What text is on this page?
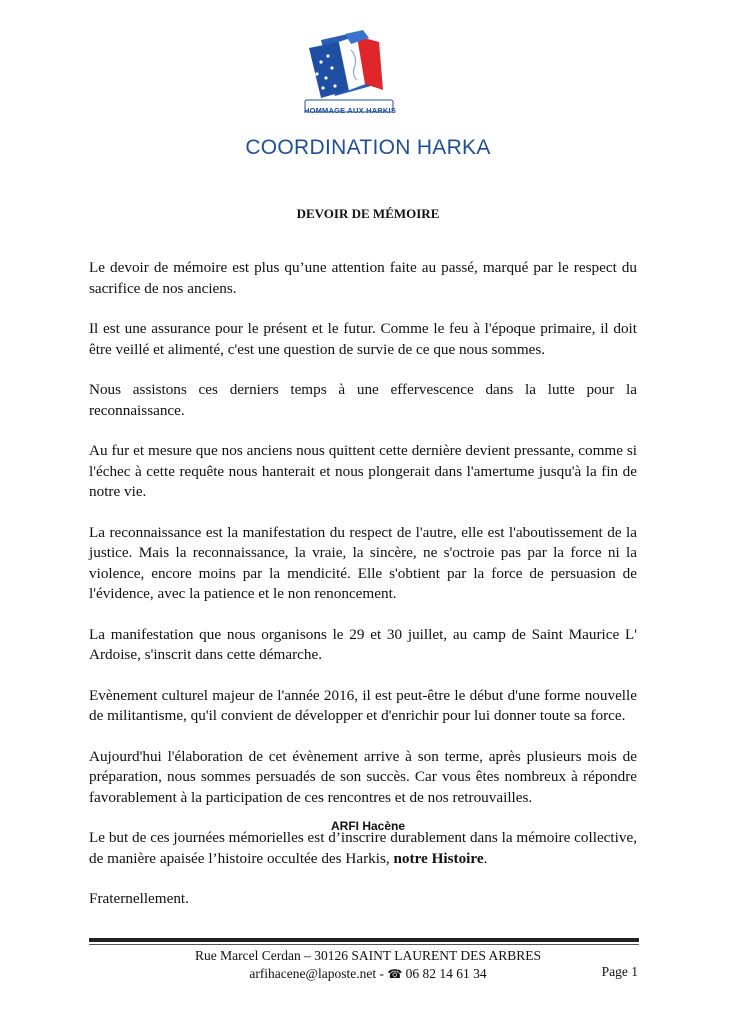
HOMMAGE AUX HARKIS
COORDINATION HARKA
DEVOIR DE MÉMOIRE

Le devoir de mémoire est plus qu’une attention faite au passé, marqué par le respect du sacrifice de nos anciens.

Il est une assurance pour le présent et le futur. Comme le feu à l'époque primaire, il doit être veillé et alimenté, c'est une question de survie de ce que nous sommes.

Nous assistons ces derniers temps à une effervescence dans la lutte pour la reconnaissance.

Au fur et mesure que nos anciens nous quittent cette dernière devient pressante, comme si l'échec à cette requête nous hanterait et nous plongerait dans l'amertume jusqu'à la fin de notre vie.

La reconnaissance est la manifestation du respect de l'autre, elle est l'aboutissement de la justice. Mais la reconnaissance, la vraie, la sincère, ne s'octroie pas par la force ni la violence, encore moins par la mendicité. Elle s'obtient par la force de persuasion de l'évidence, avec la patience et le non renoncement.

La manifestation que nous organisons le 29 et 30 juillet, au camp de Saint Maurice L' Ardoise, s'inscrit dans cette démarche.

Evènement culturel majeur de l'année 2016, il est peut-être le début d'une forme nouvelle de militantisme, qu'il convient de développer et d'enrichir pour lui donner toute sa force.

Aujourd'hui l'élaboration de cet évènement arrive à son terme, après plusieurs mois de préparation, nous sommes persuadés de son succès. Car vous êtes nombreux à répondre favorablement à la participation de ces rencontres et de nos retrouvailles.

Le but de ces journées mémorielles est d’inscrire durablement dans la mémoire collective, de manière apaisée l’histoire occultée des Harkis, notre Histoire.

Fraternellement.

ARFI Hacène
Rue Marcel Cerdan – 30126 SAINT LAURENT DES ARBRES
arfihacene@laposte.net - ☎ 06 82 14 61 34	Page 1
